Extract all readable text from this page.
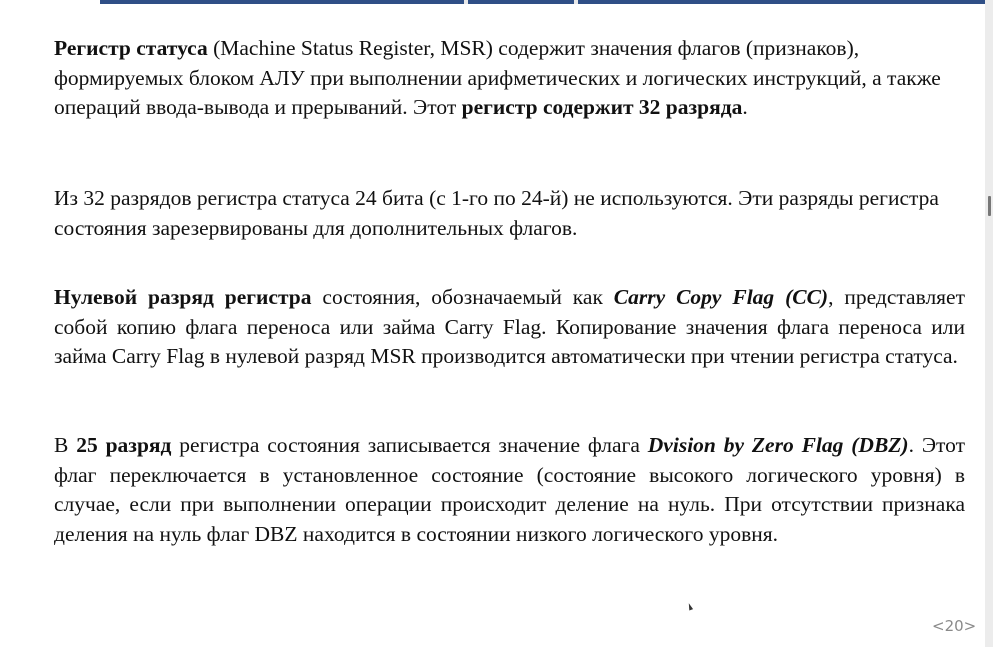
Регистр статуса (Machine Status Register, MSR) содержит значения флагов (признаков), формируемых блоком АЛУ при выполнении арифметических и логических инструкций, а также операций ввода-вывода и прерываний. Этот регистр содержит 32 разряда.

Из 32 разрядов регистра статуса 24 бита (с 1-го по 24-й) не используются. Эти разряды регистра состояния зарезервированы для дополнительных флагов.

Нулевой разряд регистра состояния, обозначаемый как Carry Copy Flag (CC), представляет собой копию флага переноса или займа Carry Flag. Копирование значения флага переноса или займа Carry Flag в нулевой разряд MSR производится автоматически при чтении регистра статуса.

В 25 разряд регистра состояния записывается значение флага Dvision by Zero Flag (DBZ). Этот флаг переключается в установленное состояние (состояние высокого логического уровня) в случае, если при выполнении операции происходит деление на нуль. При отсутствии признака деления на нуль флаг DBZ находится в состоянии низкого логического уровня.

<20>
